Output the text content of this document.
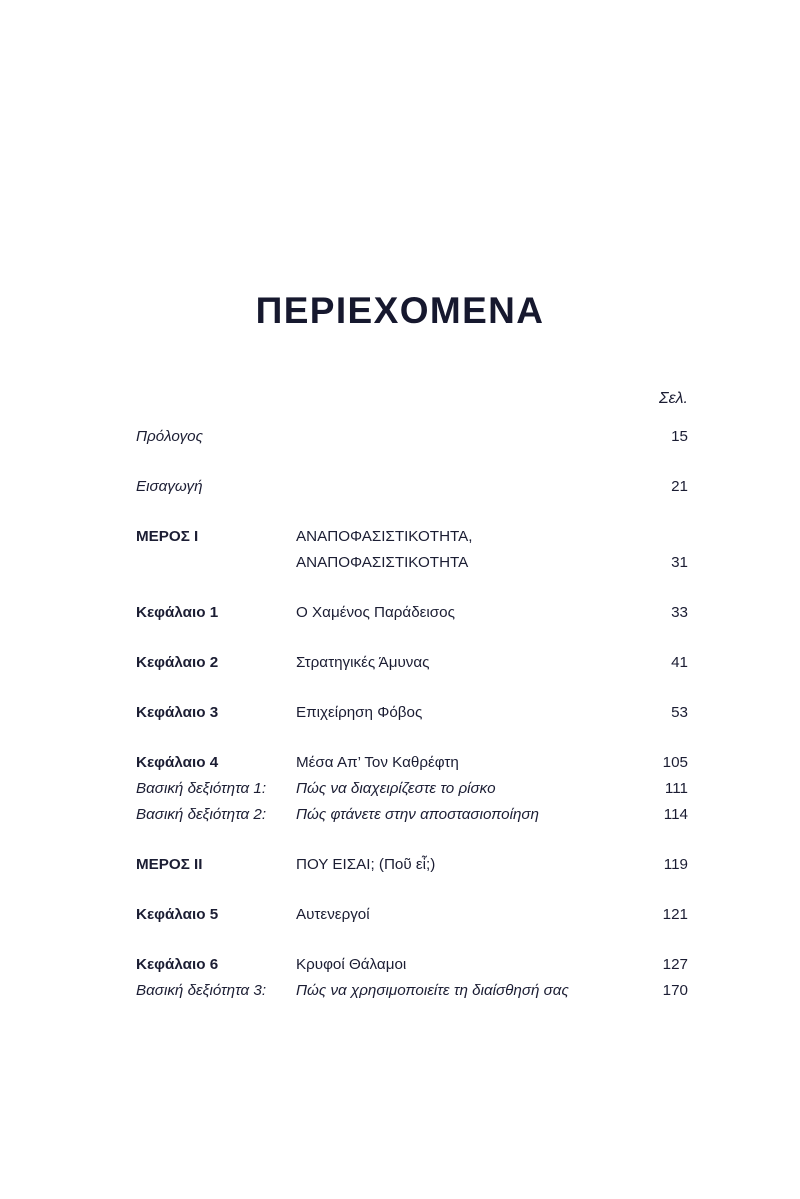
ΠΕΡΙΕΧΟΜΕΝΑ
Σελ.
Πρόλογος .....	15
Εισαγωγή .....	21
ΜΕΡΟΣ Ι	ΑΝΑΠΟΦΑΣΙΣΤΙΚΟΤΗΤΑ,
ΑΝΑΠΟΦΑΣΙΣΤΙΚΟΤΗΤΑ .....	31
Κεφάλαιο 1	Ο Χαμένος Παράδεισος .....	33
Κεφάλαιο 2	Στρατηγικές Άμυνας .....	41
Κεφάλαιο 3	Επιχείρηση Φόβος .....	53
Κεφάλαιο 4	Μέσα Απ’ Τον Καθρέφτη .....	105
Βασική δεξιότητα 1:	Πώς να διαχειρίζεστε το ρίσκο .....	111
Βασική δεξιότητα 2:	Πώς φτάνετε στην αποστασιοποίηση .....	114
ΜΕΡΟΣ ΙΙ	ΠΟΥ ΕΙΣΑΙ; (Ποῦ εἶ;) .....	119
Κεφάλαιο 5	Αυτενεργοί .....	121
Κεφάλαιο 6	Κρυφοί Θάλαμοι .....	127
Βασική δεξιότητα 3:	Πώς να χρησιμοποιείτε τη διαίσθησή σας .....	170
